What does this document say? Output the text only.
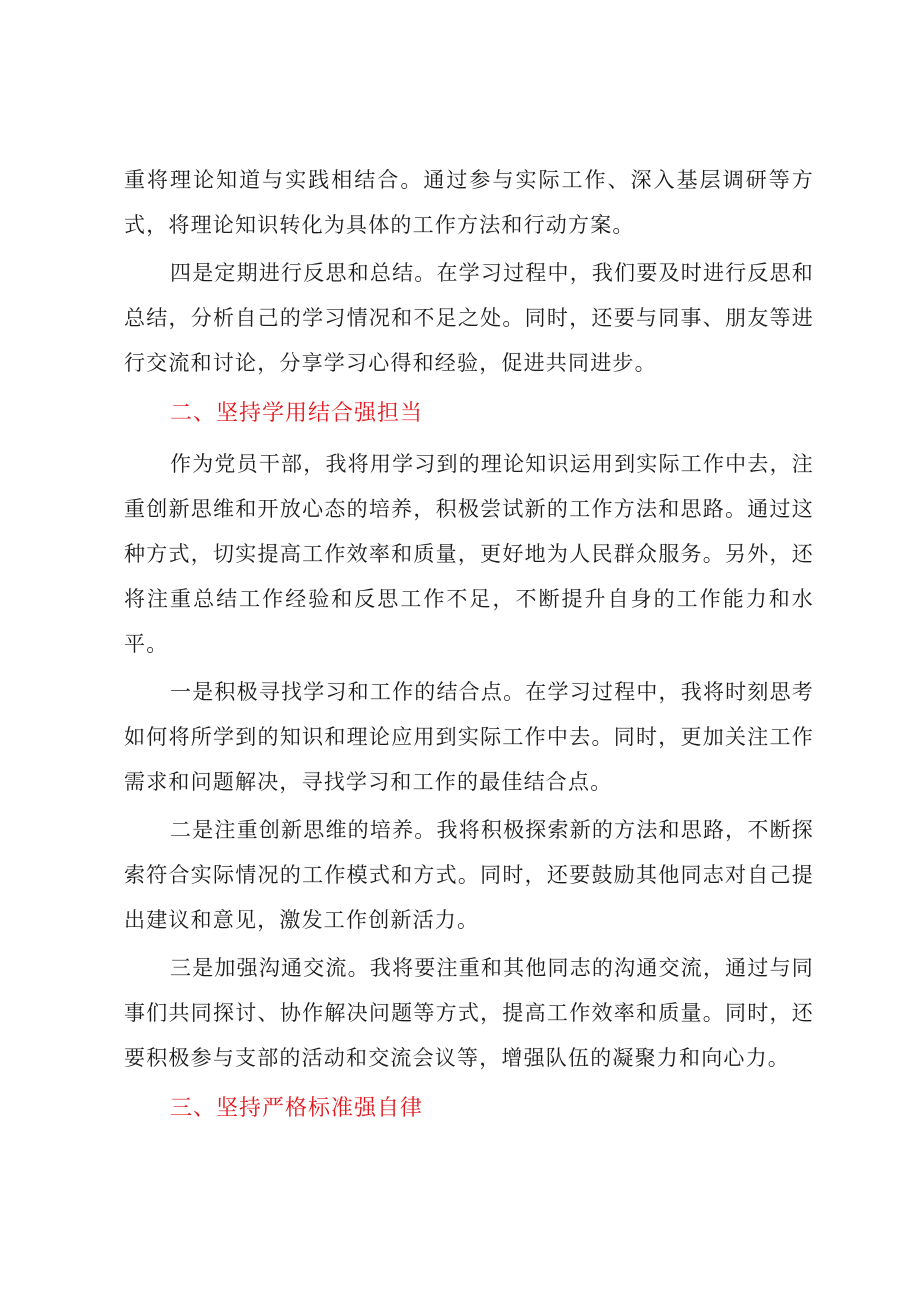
重将理论知道与实践相结合。通过参与实际工作、深入基层调研等方式，将理论知识转化为具体的工作方法和行动方案。

四是定期进行反思和总结。在学习过程中，我们要及时进行反思和总结，分析自己的学习情况和不足之处。同时，还要与同事、朋友等进行交流和讨论，分享学习心得和经验，促进共同进步。

二、坚持学用结合强担当

作为党员干部，我将用学习到的理论知识运用到实际工作中去，注重创新思维和开放心态的培养，积极尝试新的工作方法和思路。通过这种方式，切实提高工作效率和质量，更好地为人民群众服务。另外，还将注重总结工作经验和反思工作不足，不断提升自身的工作能力和水平。

一是积极寻找学习和工作的结合点。在学习过程中，我将时刻思考如何将所学到的知识和理论应用到实际工作中去。同时，更加关注工作需求和问题解决，寻找学习和工作的最佳结合点。

二是注重创新思维的培养。我将积极探索新的方法和思路，不断探索符合实际情况的工作模式和方式。同时，还要鼓励其他同志对自己提出建议和意见，激发工作创新活力。

三是加强沟通交流。我将要注重和其他同志的沟通交流，通过与同事们共同探讨、协作解决问题等方式，提高工作效率和质量。同时，还要积极参与支部的活动和交流会议等，增强队伍的凝聚力和向心力。

三、坚持严格标准强自律
